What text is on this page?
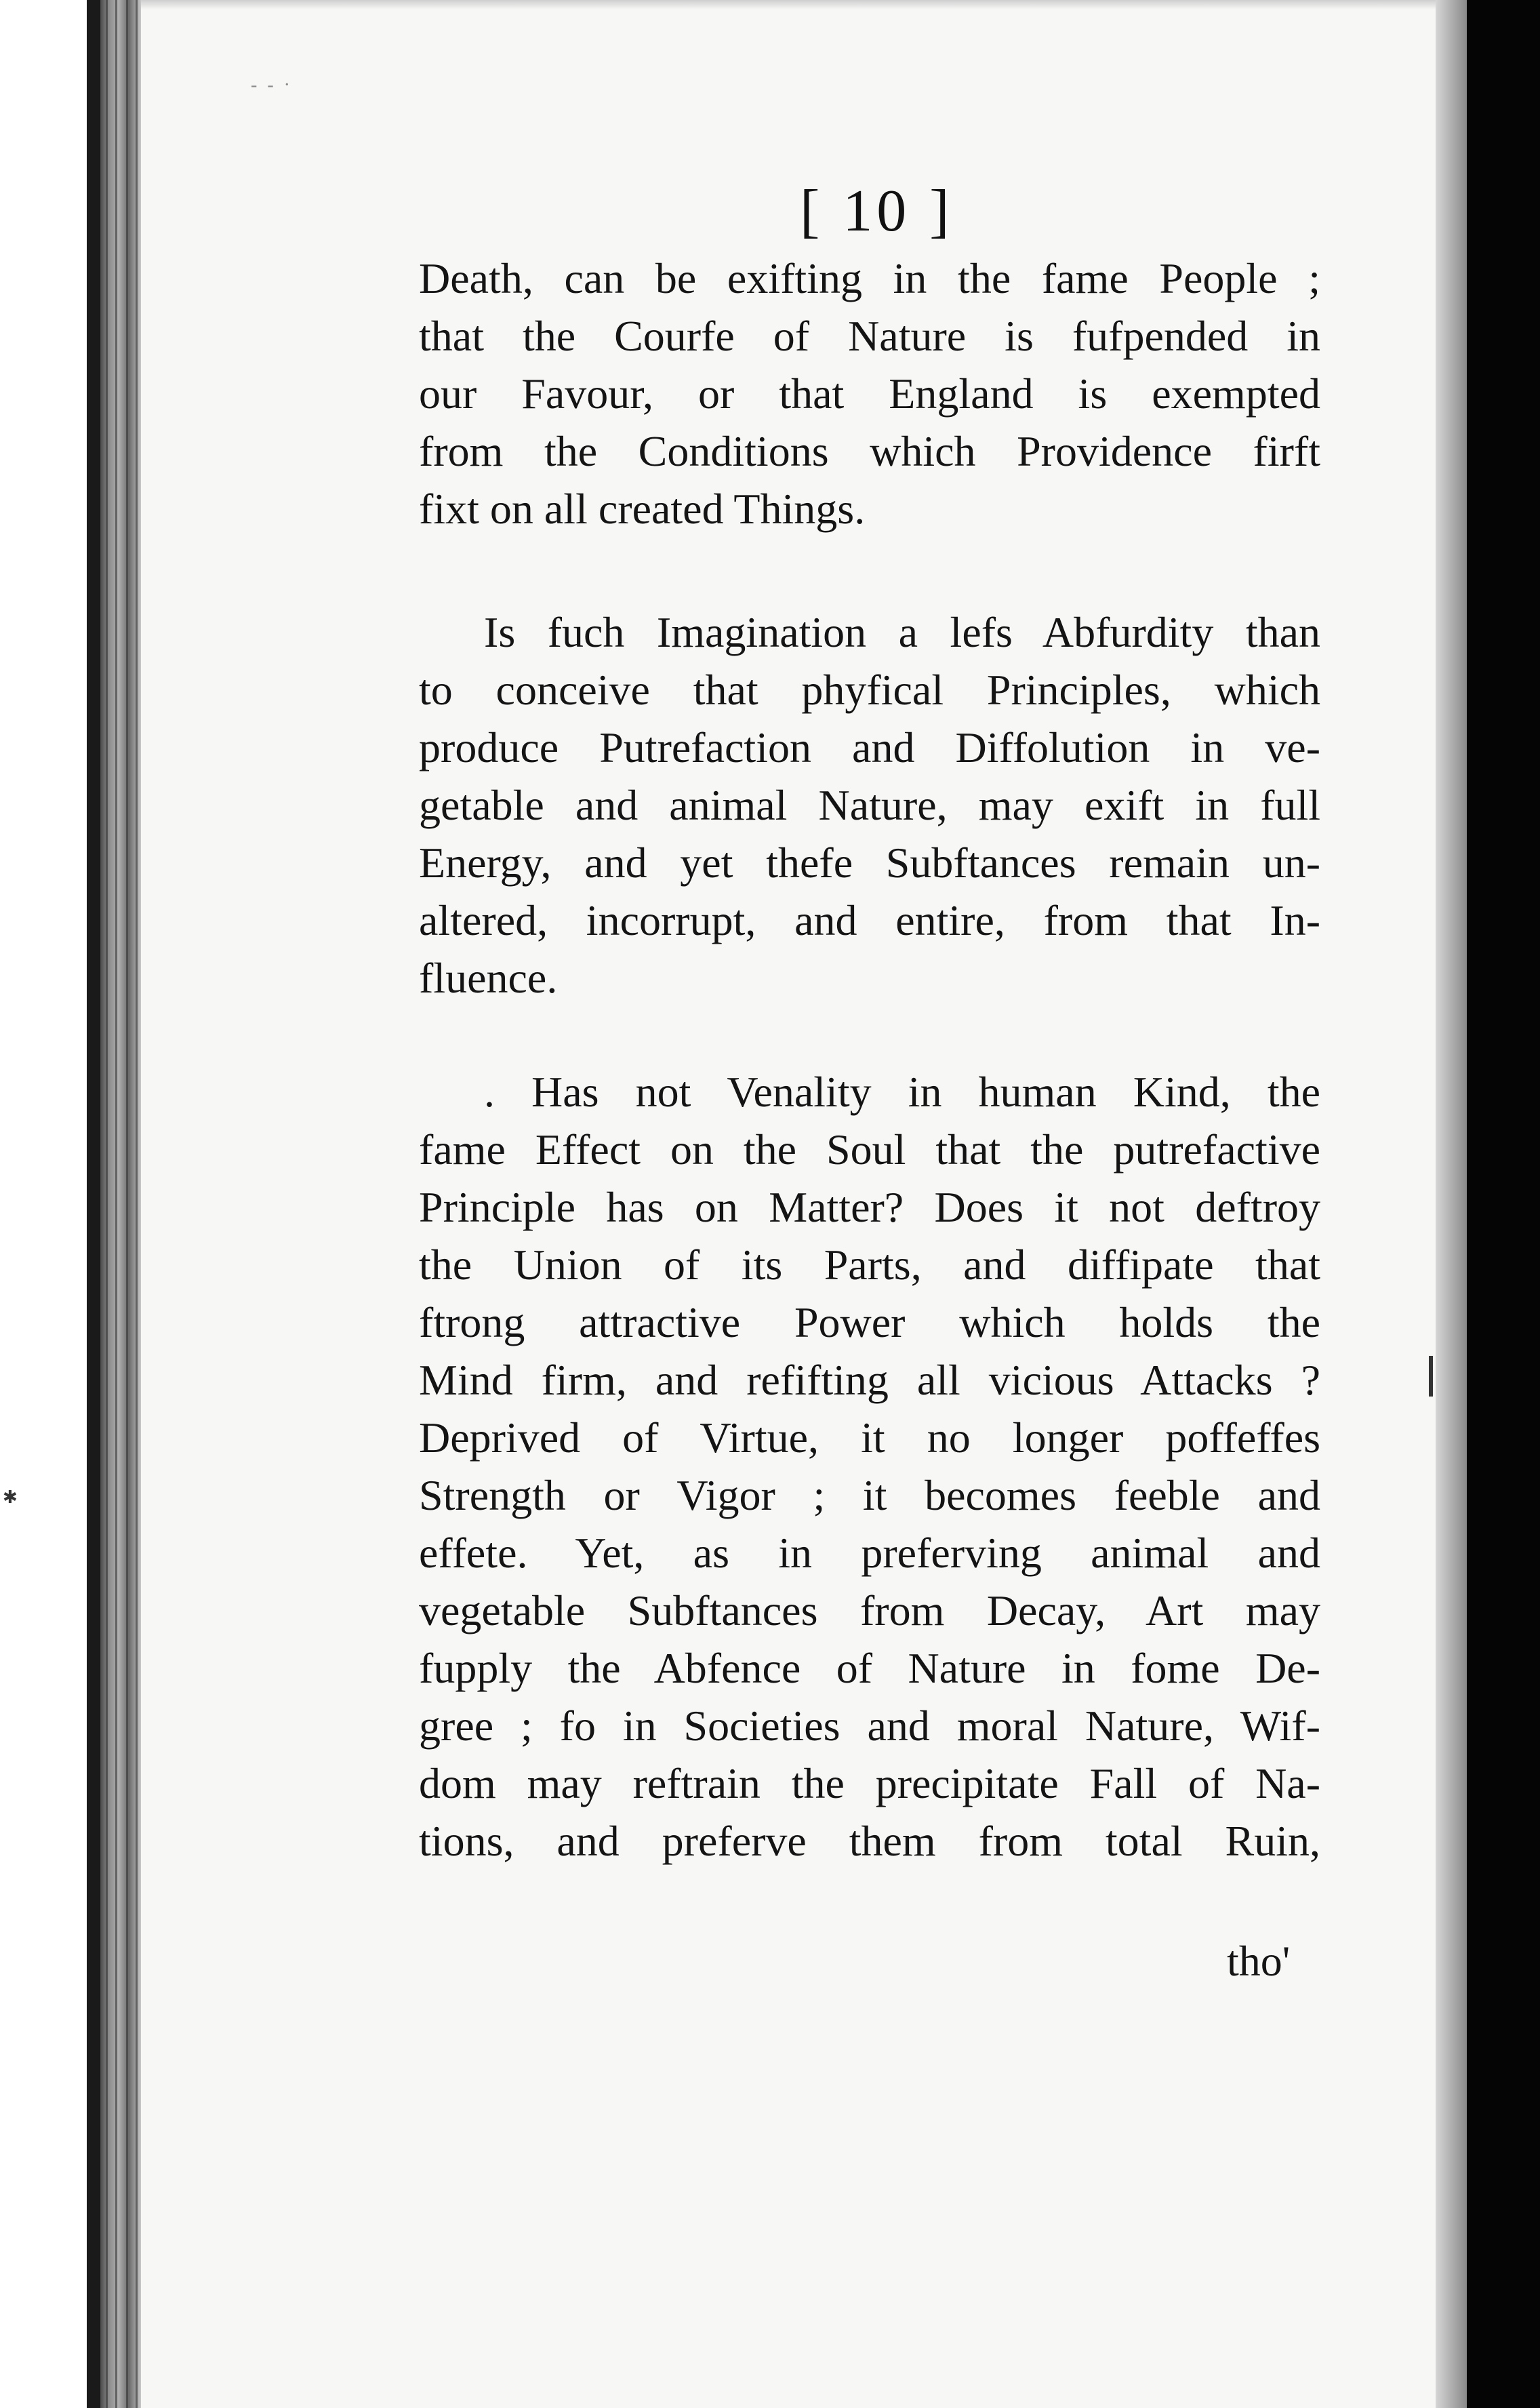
✱
- - ·
[ 10 ]
Death, can be exifting in the fame People ;
that the Courfe of Nature is fufpended in
our Favour, or that England is exempted
from the Conditions which Providence firft
fixt on all created Things.
Is fuch Imagination a lefs Abfurdity than
to conceive that phyfical Principles, which
produce Putrefaction and Diffolution in ve-
getable and animal Nature, may exift in full
Energy, and yet thefe Subftances remain un-
altered, incorrupt, and entire, from that In-
fluence.
. Has not Venality in human Kind, the
fame Effect on the Soul that the putrefactive
Principle has on Matter? Does it not deftroy
the Union of its Parts, and diffipate that
ftrong attractive Power which holds the
Mind firm, and refifting all vicious Attacks ?
Deprived of Virtue, it no longer poffeffes
Strength or Vigor ; it becomes feeble and
effete. Yet, as in preferving animal and
vegetable Subftances from Decay, Art may
fupply the Abfence of Nature in fome De-
gree ; fo in Societies and moral Nature, Wif-
dom may reftrain the precipitate Fall of Na-
tions, and preferve them from total Ruin,
tho'
